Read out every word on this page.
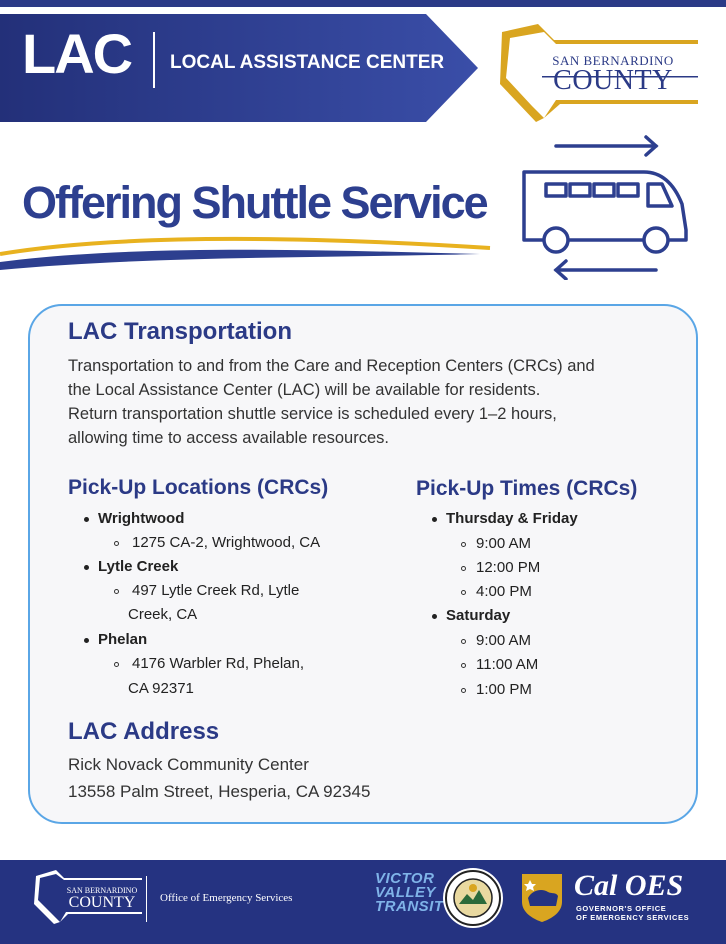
LAC LOCAL ASSISTANCE CENTER	SAN BERNARDINO
COUNTY
Offering Shuttle Service
LAC Transportation
Transportation to and from the Care and Reception Centers (CRCs) and
the Local Assistance Center (LAC) will be available for residents.
Return transportation shuttle service is scheduled every 1–2 hours,
allowing time to access available resources.
Pick-Up Locations (CRCs)
Wrightwood
1275 CA-2, Wrightwood, CA
Lytle Creek
497 Lytle Creek Rd, Lytle
Creek, CA
Phelan
4176 Warbler Rd, Phelan,
CA 92371
Pick-Up Times (CRCs)
Thursday & Friday
9:00 AM
12:00 PM
4:00 PM
Saturday
9:00 AM
11:00 AM
1:00 PM
LAC Address
Rick Novack Community Center
13558 Palm Street, Hesperia, CA 92345
SAN BERNARDINO
COUNTY	Office of Emergency Services
VICTOR
VALLEY
TRANSIT
Cal OES
GOVERNOR'S OFFICE
OF EMERGENCY SERVICES
